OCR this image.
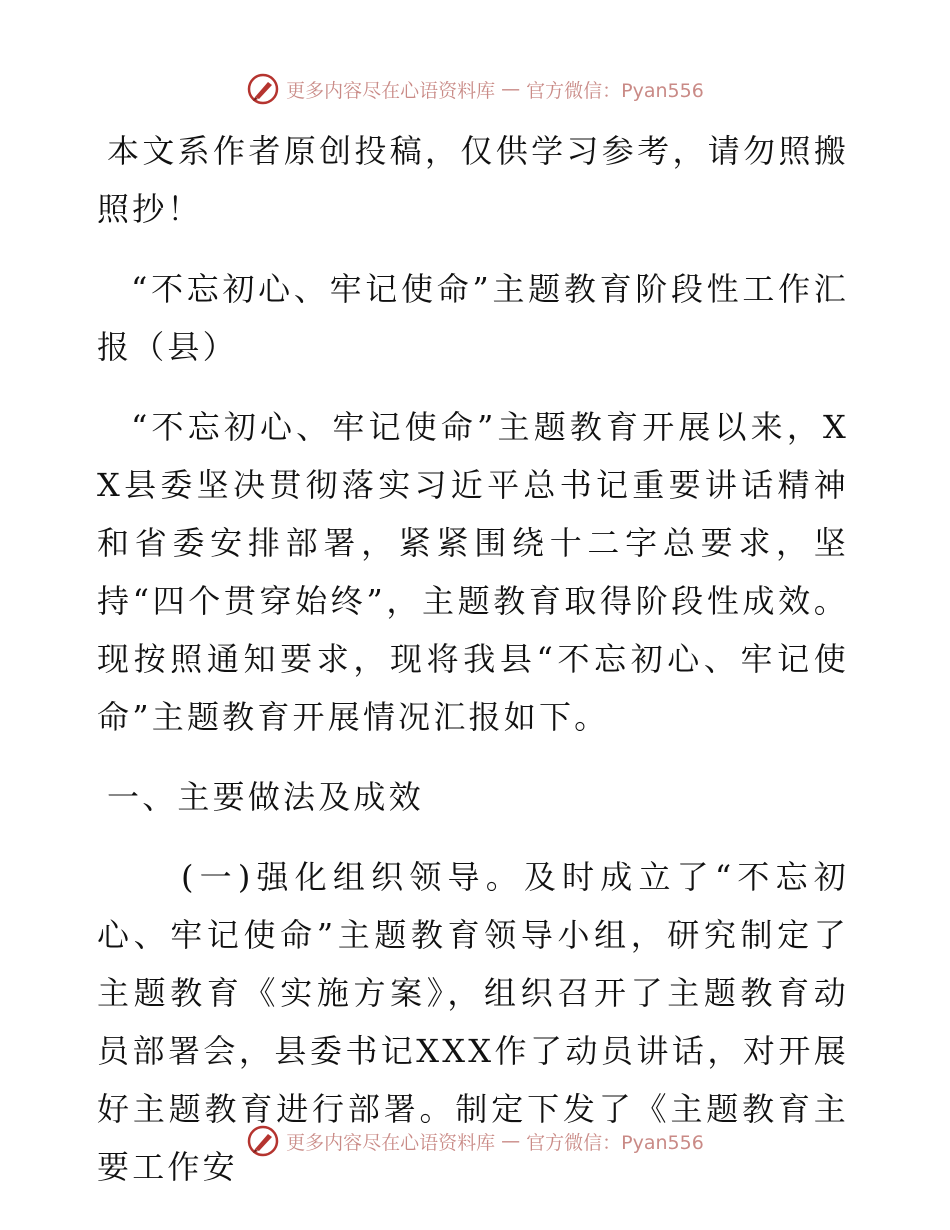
更多内容尽在心语资料库 — 官方微信：Pyan556

本文系作者原创投稿，仅供学习参考，请勿照搬照抄！

“不忘初心、牢记使命”主题教育阶段性工作汇报（县）

“不忘初心、牢记使命”主题教育开展以来，XX县委坚决贯彻落实习近平总书记重要讲话精神和省委安排部署，紧紧围绕十二字总要求，坚持“四个贯穿始终”，主题教育取得阶段性成效。现按照通知要求，现将我县“不忘初心、牢记使命”主题教育开展情况汇报如下。

一、主要做法及成效

(一)强化组织领导。及时成立了“不忘初心、牢记使命”主题教育领导小组，研究制定了主题教育《实施方案》，组织召开了主题教育动员部署会，县委书记XXX作了动员讲话，对开展好主题教育进行部署。制定下发了《主题教育主要工作安

更多内容尽在心语资料库 — 官方微信：Pyan556
